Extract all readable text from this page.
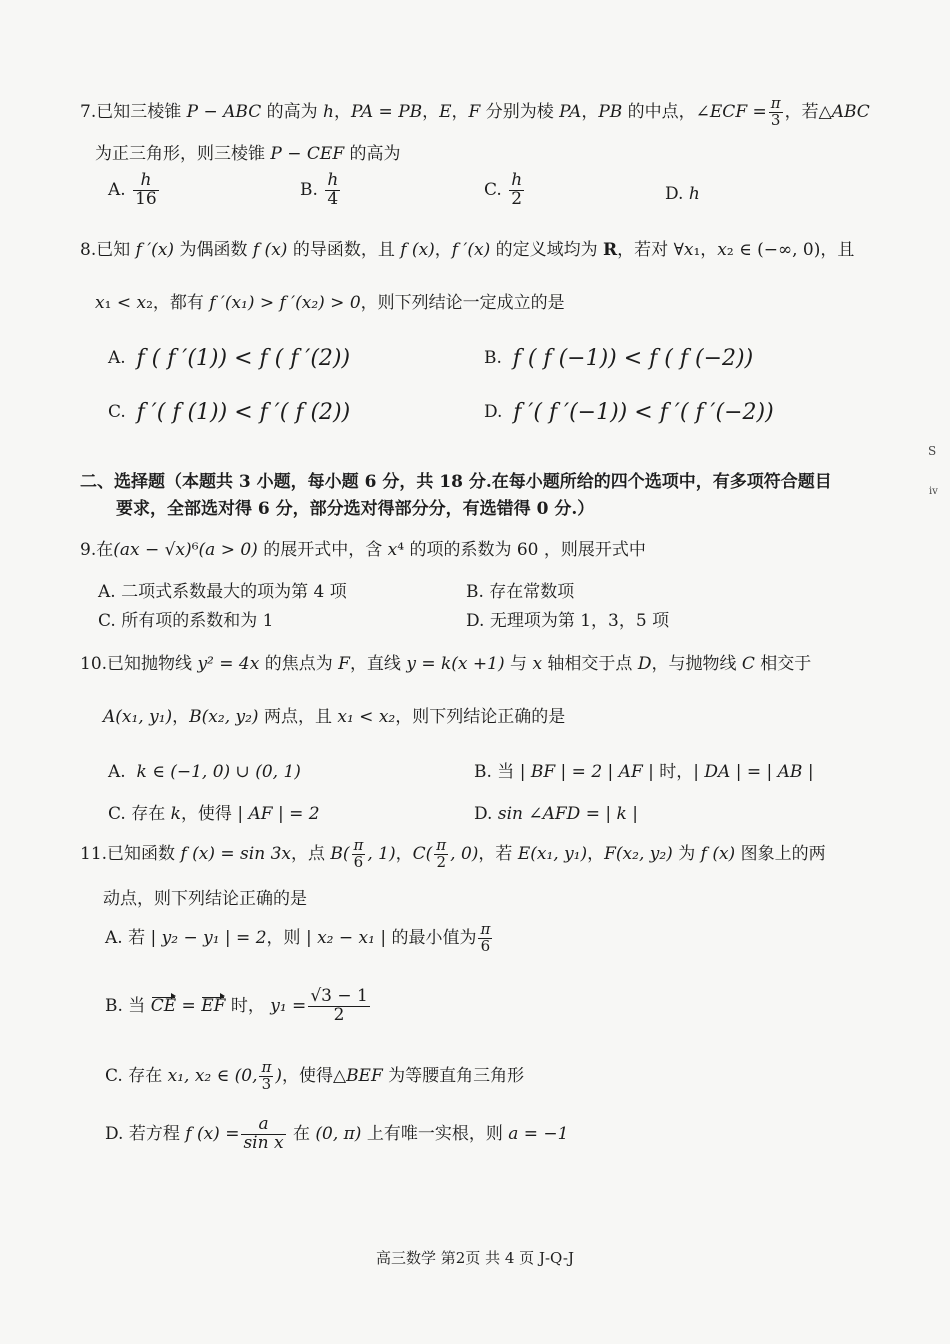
7.已知三棱锥 P − ABC 的高为 h，PA = PB，E，F 分别为棱 PA，PB 的中点，∠ECF = $\frac{\pi}{3}$ ，若△ABC
为正三角形，则三棱锥 P − CEF 的高为
A. $\frac{h}{16}$	B. $\frac{h}{4}$	C. $\frac{h}{2}$	D. h
8.已知 f ′(x) 为偶函数 f (x) 的导函数，且 f (x)，f ′(x) 的定义域均为 R，若对 ∀x₁，x₂ ∈ (−∞, 0)，且
x₁ < x₂，都有 f ′(x₁) > f ′(x₂) > 0，则下列结论一定成立的是
A. f ( f ′(1)) < f ( f ′(2))	B. f ( f (−1)) < f ( f (−2))
C. f ′( f (1)) < f ′( f (2))	D. f ′( f ′(−1)) < f ′( f ′(−2))
S
ⅳ
二、选择题（本题共 3 小题，每小题 6 分，共 18 分.在每小题所给的四个选项中，有多项符合题目
要求，全部选对得 6 分，部分选对得部分分，有选错得 0 分.）
9.在(ax − √x)⁶(a > 0) 的展开式中，含 x⁴ 的项的系数为 60 ，则展开式中
A. 二项式系数最大的项为第 4 项	B. 存在常数项
C. 所有项的系数和为 1	D. 无理项为第 1，3，5 项
10.已知抛物线 y² = 4x 的焦点为 F，直线 y = k(x +1) 与 x 轴相交于点 D，与抛物线 C 相交于
A(x₁, y₁)，B(x₂, y₂) 两点，且 x₁ < x₂，则下列结论正确的是
A. k ∈ (−1, 0) ∪ (0, 1)	B. 当 | BF | = 2 | AF | 时，| DA | = | AB |
C. 存在 k，使得 | AF | = 2	D. sin ∠AFD = | k |
11.已知函数 f (x) = sin 3x，点 $B( \frac{\pi}{6}$ , 1)，$C( \frac{\pi}{2}$ , 0)，若 E(x₁, y₁)，F(x₂, y₂) 为 f (x) 图象上的两
动点，则下列结论正确的是
A. 若 | y₂ − y₁ | = 2，则 | x₂ − x₁ | 的最小值为 $\frac{\pi}{6}$
B. 当 CE = EF 时， $y_1 = \frac{√3 - 1}{2}$
C. 存在 x₁, x₂ ∈ (0, $\frac{\pi}{3}$ )，使得△BEF 为等腰直角三角形
D. 若方程 f $(x) = \frac{a}{\text{sin x}}$ 在 (0, π) 上有唯一实根，则 a = −1
高三数学 第2页 共 4 页 J-Q-J
